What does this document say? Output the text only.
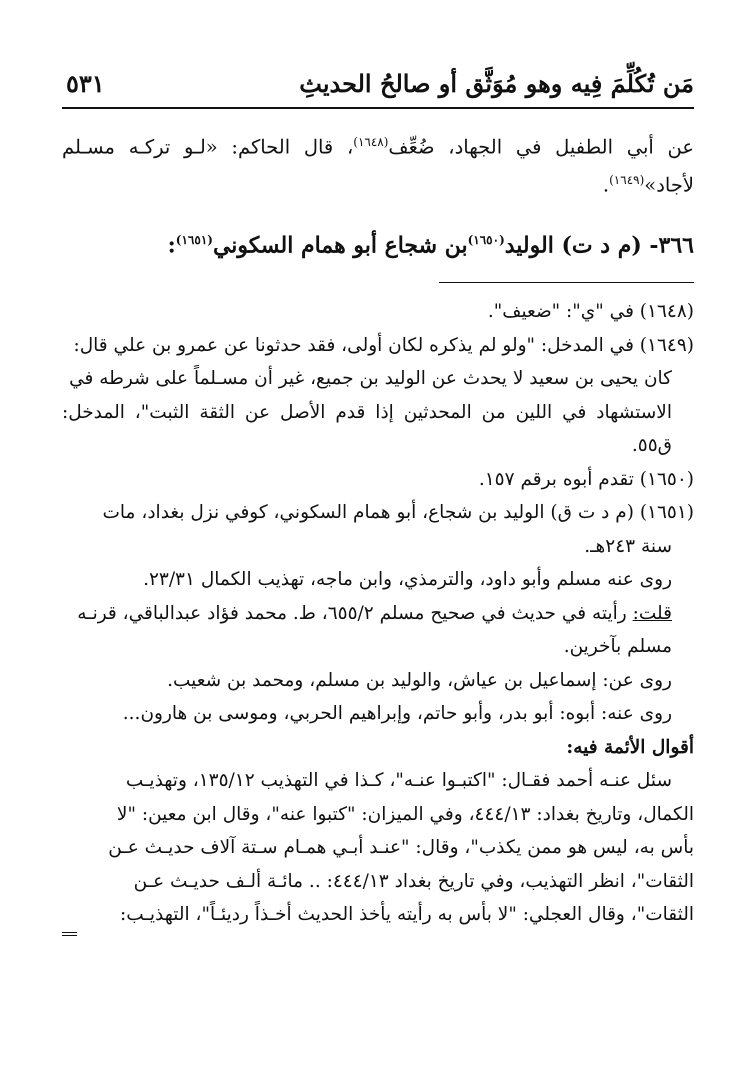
مَن تُكُلِّمَ فِيه وهو مُوَثَّق أو صالحُ الحديثِ
٥٣١
عن أبي الطفيل في الجهاد، ضُعِّف$^{(١٦٤٨)}$، قال الحاكم: «لـو تركـه مسـلم لأجاد»$^{(١٦٤٩)}$.
٣٦٦- (م د ت) الوليد$^{(١٦٥٠)}$بن شجاع أبو همام السكوني$^{(١٦٥١)}$:
(١٦٤٨) في "ي": "ضعيف".
(١٦٤٩) في المدخل: "ولو لم يذكره لكان أولى، فقد حدثونا عن عمرو بن علي قال:
كان يحيى بن سعيد لا يحدث عن الوليد بن جميع، غير أن مسـلماً على شرطه في
الاستشهاد في اللين من المحدثين إذا قدم الأصل عن الثقة الثبت"، المدخل: ق٥٥.
(١٦٥٠) تقدم أبوه برقم ١٥٧.
(١٦٥١) (م د ت ق) الوليد بن شجاع، أبو همام السكوني، كوفي نزل بغداد، مات
سنة ٢٤٣هـ.
روى عنه مسلم وأبو داود، والترمذي، وابن ماجه، تهذيب الكمال ٢٣/٣١.
قلت: رأيته في حديث في صحيح مسلم ٦٥٥/٢، ط. محمد فؤاد عبدالباقي، قرنـه
مسلم بآخرين.
روى عن: إسماعيل بن عياش، والوليد بن مسلم، ومحمد بن شعيب.
روى عنه: أبوه: أبو بدر، وأبو حاتم، وإبراهيم الحربي، وموسى بن هارون...
أقوال الأئمة فيه:
سئل عنـه أحمد فقـال: "اكتبـوا عنـه"، كـذا في التهذيب ١٣٥/١٢، وتهذيـب
الكمال، وتاريخ بغداد: ٤٤٤/١٣، وفي الميزان: "كتبوا عنه"، وقال ابن معين: "لا
بأس به، ليس هو ممن يكذب"، وقال: "عنـد أبـي همـام سـتة آلاف حديـث عـن
الثقات"، انظر التهذيب، وفي تاريخ بغداد ٤٤٤/١٣: .. مائـة ألـف حديـث عـن
الثقات"، وقال العجلي: "لا بأس به رأيته يأخذ الحديث أخـذاً رديئـاً"، التهذيـب:
